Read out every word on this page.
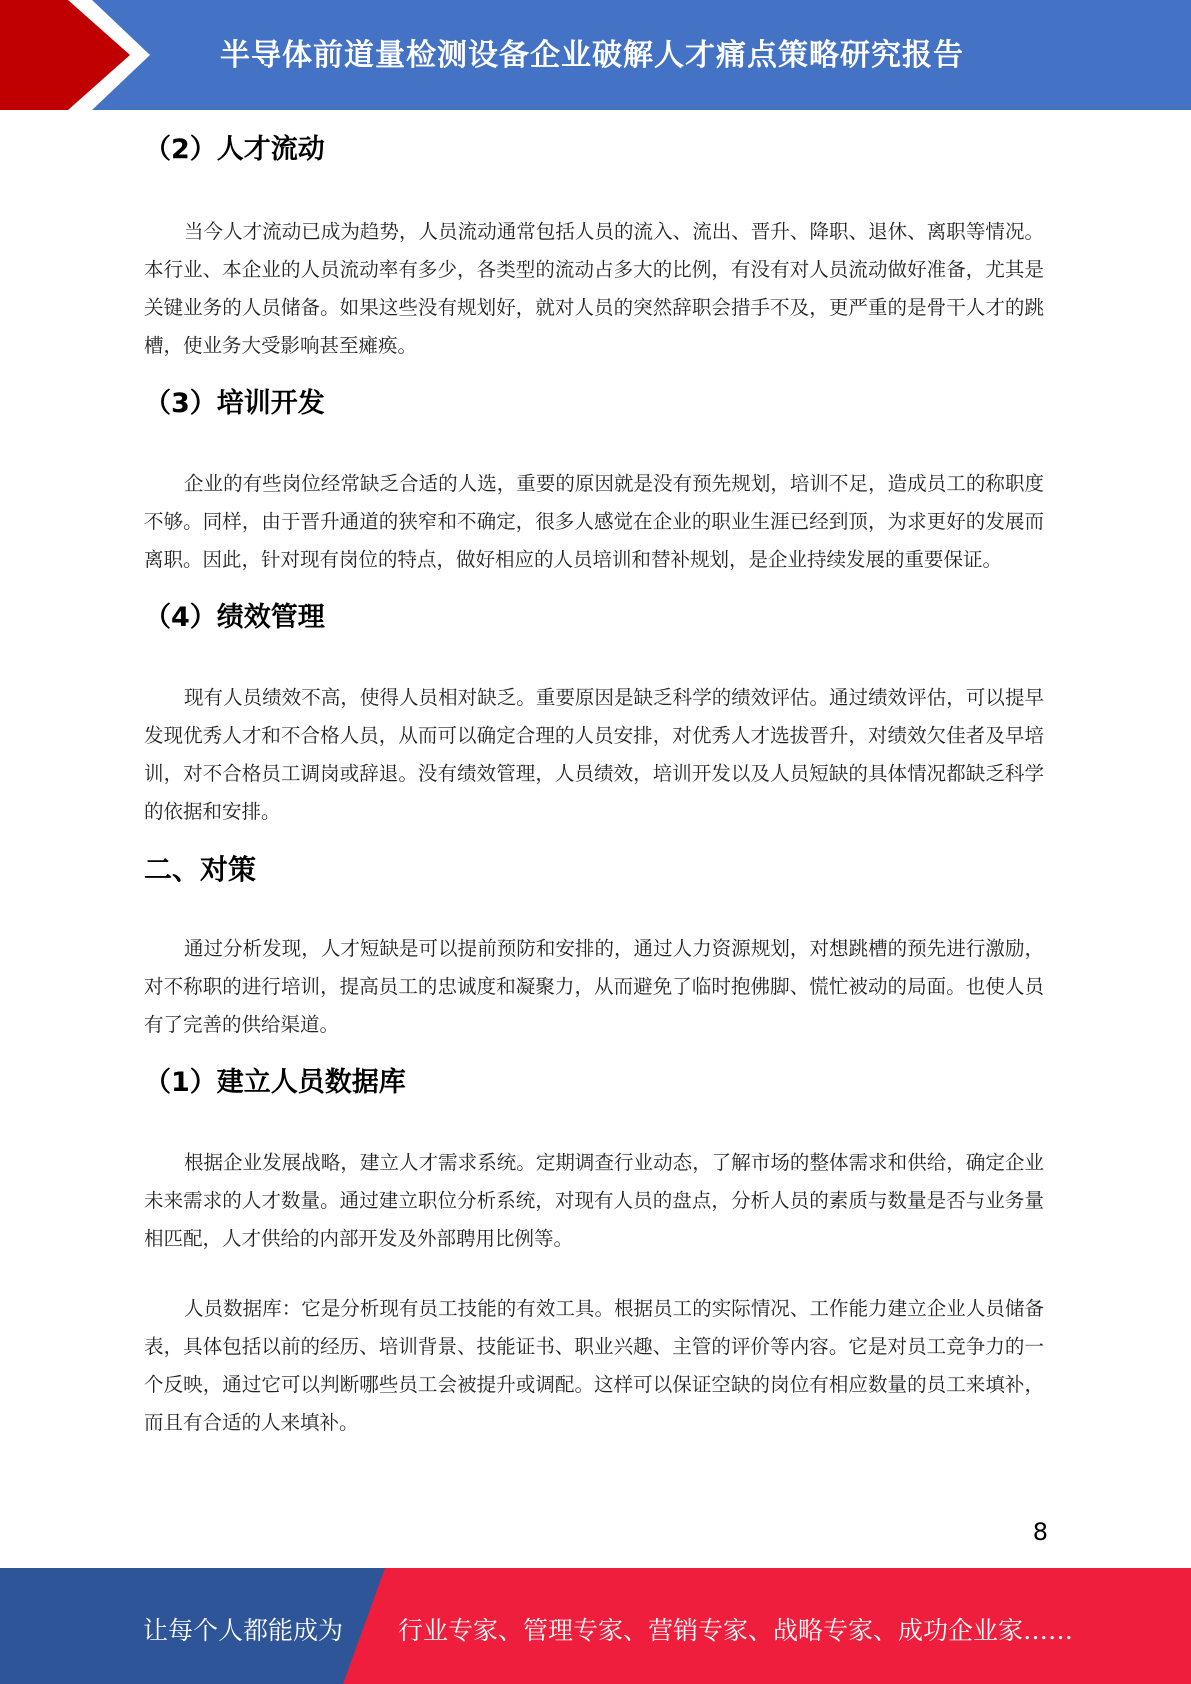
半导体前道量检测设备企业破解人才痛点策略研究报告
（2）人才流动

当今人才流动已成为趋势，人员流动通常包括人员的流入、流出、晋升、降职、退休、离职等情况。本行业、本企业的人员流动率有多少，各类型的流动占多大的比例，有没有对人员流动做好准备，尤其是关键业务的人员储备。如果这些没有规划好，就对人员的突然辞职会措手不及，更严重的是骨干人才的跳槽，使业务大受影响甚至瘫痪。

（3）培训开发

企业的有些岗位经常缺乏合适的人选，重要的原因就是没有预先规划，培训不足，造成员工的称职度不够。同样，由于晋升通道的狭窄和不确定，很多人感觉在企业的职业生涯已经到顶，为求更好的发展而离职。因此，针对现有岗位的特点，做好相应的人员培训和替补规划，是企业持续发展的重要保证。

（4）绩效管理

现有人员绩效不高，使得人员相对缺乏。重要原因是缺乏科学的绩效评估。通过绩效评估，可以提早发现优秀人才和不合格人员，从而可以确定合理的人员安排，对优秀人才选拔晋升，对绩效欠佳者及早培训，对不合格员工调岗或辞退。没有绩效管理，人员绩效，培训开发以及人员短缺的具体情况都缺乏科学的依据和安排。

二、对策

通过分析发现，人才短缺是可以提前预防和安排的，通过人力资源规划，对想跳槽的预先进行激励，对不称职的进行培训，提高员工的忠诚度和凝聚力，从而避免了临时抱佛脚、慌忙被动的局面。也使人员有了完善的供给渠道。

（1）建立人员数据库

根据企业发展战略，建立人才需求系统。定期调查行业动态，了解市场的整体需求和供给，确定企业未来需求的人才数量。通过建立职位分析系统，对现有人员的盘点，分析人员的素质与数量是否与业务量相匹配，人才供给的内部开发及外部聘用比例等。

人员数据库：它是分析现有员工技能的有效工具。根据员工的实际情况、工作能力建立企业人员储备表，具体包括以前的经历、培训背景、技能证书、职业兴趣、主管的评价等内容。它是对员工竞争力的一个反映，通过它可以判断哪些员工会被提升或调配。这样可以保证空缺的岗位有相应数量的员工来填补，而且有合适的人来填补。

8
让每个人都能成为 行业专家、管理专家、营销专家、战略专家、成功企业家……
